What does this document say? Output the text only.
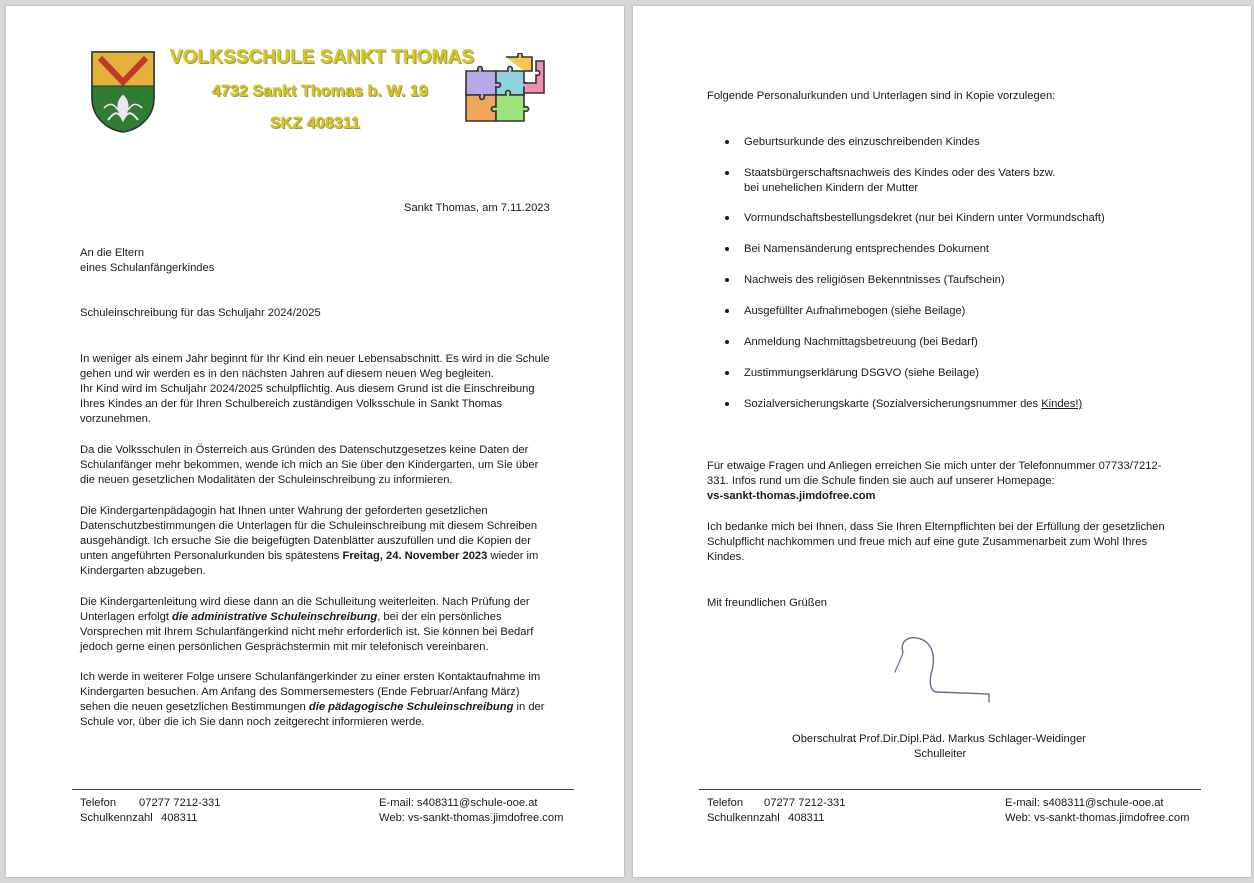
VOLKSSCHULE SANKT THOMAS
4732 Sankt Thomas b. W. 19
SKZ 408311
Sankt Thomas, am 7.11.2023
An die Eltern
eines Schulanfängerkindes
Schuleinschreibung für das Schuljahr 2024/2025
In weniger als einem Jahr beginnt für Ihr Kind ein neuer Lebensabschnitt. Es wird in die Schule
gehen und wir werden es in den nächsten Jahren auf diesem neuen Weg begleiten.
Ihr Kind wird im Schuljahr 2024/2025 schulpflichtig. Aus diesem Grund ist die Einschreibung
Ihres Kindes an der für Ihren Schulbereich zuständigen Volksschule in Sankt Thomas
vorzunehmen.
Da die Volksschulen in Österreich aus Gründen des Datenschutzgesetzes keine Daten der
Schulanfänger mehr bekommen, wende ich mich an Sie über den Kindergarten, um Sie über
die neuen gesetzlichen Modalitäten der Schuleinschreibung zu informieren.
Die Kindergartenpädagogin hat Ihnen unter Wahrung der geforderten gesetzlichen
Datenschutzbestimmungen die Unterlagen für die Schuleinschreibung mit diesem Schreiben
ausgehändigt. Ich ersuche Sie die beigefügten Datenblätter auszufüllen und die Kopien der
unten angeführten Personalurkunden bis spätestens Freitag, 24. November 2023 wieder im
Kindergarten abzugeben.
Die Kindergartenleitung wird diese dann an die Schulleitung weiterleiten. Nach Prüfung der
Unterlagen erfolgt die administrative Schuleinschreibung, bei der ein persönliches
Vorsprechen mit Ihrem Schulanfängerkind nicht mehr erforderlich ist. Sie können bei Bedarf
jedoch gerne einen persönlichen Gesprächstermin mit mir telefonisch vereinbaren.
Ich werde in weiterer Folge unsere Schulanfängerkinder zu einer ersten Kontaktaufnahme im
Kindergarten besuchen. Am Anfang des Sommersemesters (Ende Februar/Anfang März)
sehen die neuen gesetzlichen Bestimmungen die pädagogische Schuleinschreibung in der
Schule vor, über die ich Sie dann noch zeitgerecht informieren werde.
Telefon 07277 7212-331
Schulkennzahl 408311
E-mail: s408311@schule-ooe.at
Web: vs-sankt-thomas.jimdofree.com
Folgende Personalurkunden und Unterlagen sind in Kopie vorzulegen:
Geburtsurkunde des einzuschreibenden Kindes
Staatsbürgerschaftsnachweis des Kindes oder des Vaters bzw.
bei unehelichen Kindern der Mutter
Vormundschaftsbestellungsdekret (nur bei Kindern unter Vormundschaft)
Bei Namensänderung entsprechendes Dokument
Nachweis des religiösen Bekenntnisses (Taufschein)
Ausgefüllter Aufnahmebogen (siehe Beilage)
Anmeldung Nachmittagsbetreuung (bei Bedarf)
Zustimmungserklärung DSGVO (siehe Beilage)
Sozialversicherungskarte (Sozialversicherungsnummer des Kindes!)
Für etwaige Fragen und Anliegen erreichen Sie mich unter der Telefonnummer 07733/7212-
331. Infos rund um die Schule finden sie auch auf unserer Homepage:
vs-sankt-thomas.jimdofree.com
Ich bedanke mich bei Ihnen, dass Sie Ihren Elternpflichten bei der Erfüllung der gesetzlichen
Schulpflicht nachkommen und freue mich auf eine gute Zusammenarbeit zum Wohl Ihres
Kindes.
Mit freundlichen Grüßen
Oberschulrat Prof.Dir.Dipl.Päd. Markus Schlager-Weidinger
Schulleiter
Telefon 07277 7212-331
Schulkennzahl 408311
E-mail: s408311@schule-ooe.at
Web: vs-sankt-thomas.jimdofree.com
